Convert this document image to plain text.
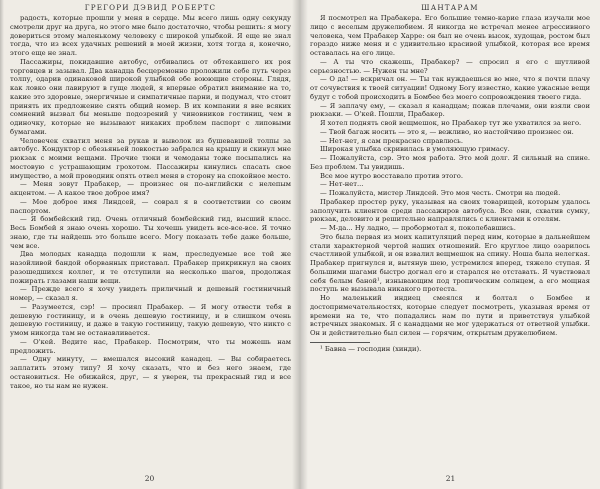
ГРЕГОРИ ДЭВИД РОБЕРТС

радость, которые прошли у меня в сердце. Мы всего лишь одну секунду смотрели друг на друга, но этого мне было достаточно, чтобы решить: я могу довериться этому маленькому человеку с широкой улыбкой. Я еще не знал тогда, что из всех удачных решений в моей жизни, хотя тогда я, конечно, этого еще не знал.

Пассажиры, покидавшие автобус, отбивались от обтекавшего их роя торговцев и зазывал. Два канадца бесцеремонно проложили себе путь через толпу, одарив одинаковой широкой улыбкой обе воюющие стороны. Глядя, как ловко они лавируют в гуще людей, я впервые обратил внимание на то, какие это здоровые, энергичные и симпатичные парни, и подумал, что стоит принять их предложение снять общий номер. В их компании я вне всяких сомнений вызвал бы меньше подозрений у чиновников гостиниц, чем в одиночку, которые не вызывают никаких проблем паспорт с липовыми бумагами.

Человечек схватил меня за рукав и выволок из бушевавшей толпы за автобус. Кондуктор с обезьяньей ловкостью забрался на крышу и скинул мне рюкзак с моими вещами. Прочие тюки и чемоданы тоже посыпались на мостовую с устрашающим грохотом. Пассажиры кинулись спасать свое имущество, а мой проводник опять отвел меня в сторону на спокойное место.

— Меня зовут Прабакер, — произнес он по-английски с нелепым акцентом. — А какое твое доброе имя?

— Мое доброе имя Линдсей, — соврал я в соответствии со своим паспортом.

— Я бомбейский гид. Очень отличный бомбейский гид, высший класс. Весь Бомбей я знаю очень хорошо. Ты хочешь увидеть все-все-все. Я точно знаю, где ты найдешь это больше всего. Могу показать тебе даже больше, чем все.

Два молодых канадца подошли к нам, преследуемые все той же назойливой бандой оборванных приставал. Прабакер прикрикнул на своих разошедшихся коллег, и те отступили на несколько шагов, продолжая пожирать глазами наши вещи.

— Прежде всего я хочу увидеть приличный и дешевый гостиничный номер, — сказал я.

— Разумеется, сэр! — просиял Прабакер. — Я могу отвести тебя в дешевую гостиницу, и в очень дешевую гостиницу, и в слишком очень дешевую гостиницу, и даже в такую гостиницу, такую дешевую, что никто с умом никогда там не останавливается.

— О'кей. Ведите нас, Прабакер. Посмотрим, что ты можешь нам предложить.

— Одну минуту, — вмешался высокий канадец. — Вы собираетесь заплатить этому типу? Я хочу сказать, что и без него знаем, где остановиться. Не обижайся, друг, — я уверен, ты прекрасный гид и все такое, но ты нам не нужен.

20
ШАНТАРАМ

Я посмотрел на Прабакера. Его большие темно-карие глаза изучали мое лицо с веселым дружелюбием. Я никогда не встречал менее агрессивного человека, чем Прабакер Харре: он был не очень высок, худощав, ростом был гораздо ниже меня и с удивительно красивой улыбкой, которая все время оставалась на его лице.

— А ты что скажешь, Прабакер? — спросил я его с шутливой серьезностью. — Нужен ты мне?

— О да! — вскричал он. — Ты так нуждаешься во мне, что я почти плачу от сочувствия к твоей ситуации! Одному Богу известно, какие ужасные вещи будут с тобой происходить в Бомбее без моего сопровождения твоего гида.

— Я заплачу ему, — сказал я канадцам; пожав плечами, они взяли свои рюкзаки. — О'кей. Пошли, Прабакер.

Я хотел поднять свой вещмешок, но Прабакер тут же ухватился за него.

— Твой багаж носить — это я, — вежливо, но настойчиво произнес он.

— Нет-нет, я сам прекрасно справлюсь.

Широкая улыбка скривилась в умоляющую гримасу.

— Пожалуйста, сэр. Это моя работа. Это мой долг. Я сильный на спине. Без проблем. Ты увидишь.

Все мое нутро восставало против этого.

— Нет-нет...

— Пожалуйста, мистер Линдсей. Это моя честь. Смотри на людей.

Прабакер простер руку, указывая на своих товарищей, которым удалось заполучить клиентов среди пассажиров автобуса. Все они, схватив сумку, рюкзак, деловито и решительно направлялись с клиентами к отелям.

— М-да... Ну ладно, — пробормотал я, поколебавшись.

Это была первая из моих капитуляций перед ним, которые в дальнейшем стали характерной чертой наших отношений. Его круглое лицо озарилось счастливой улыбкой, и он взвалил вещмешок на спину. Ноша была нелегкая. Прабакер пригнулся и, вытянув шею, устремился вперед, тяжело ступая. Я большими шагами быстро догнал его и старался не отставать. Я чувствовал себя белым баной¹, изнывающим под тропическим солнцем, а его мощная поступь не вызывала никакого протеста.

Но маленький индиец смеялся и болтал о Бомбее и достопримечательностях, которые следует посмотреть, указывая время от времени на те, что попадались нам по пути и приветствуя улыбкой встречных знакомых. Я с канадцами не мог удержаться от ответной улыбки. Он и действительно был силен — горячим, открытым дружелюбием.

¹ Бавна — господин (хинди).

21
